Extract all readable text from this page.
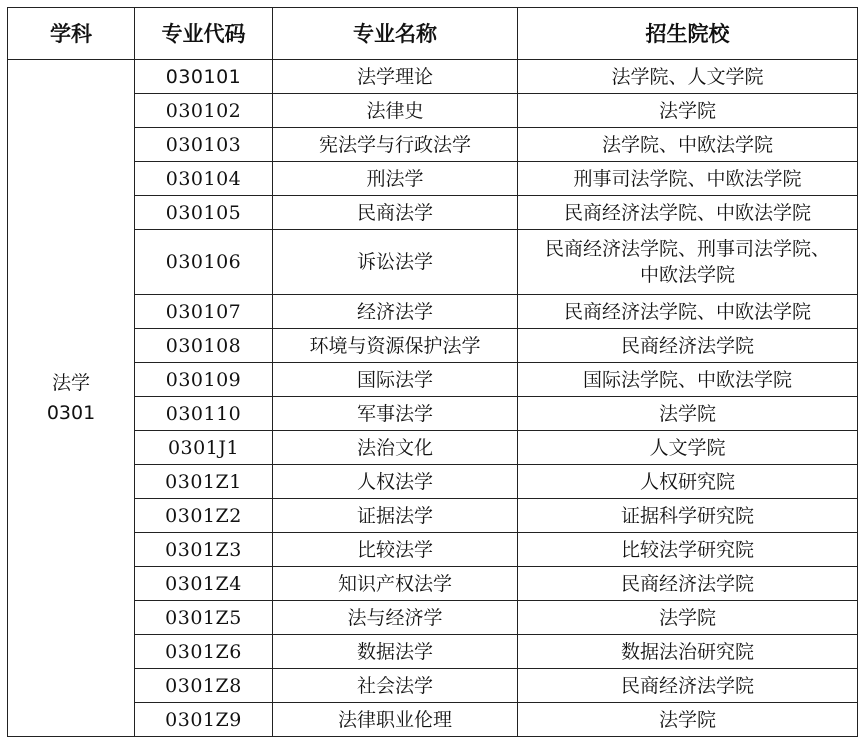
学科	专业代码	专业名称	招生院校

法学
0301	030101	法学理论	法学院、人文学院
	030102	法律史	法学院
	030103	宪法学与行政法学	法学院、中欧法学院
	030104	刑法学	刑事司法学院、中欧法学院
	030105	民商法学	民商经济法学院、中欧法学院
	030106	诉讼法学	民商经济法学院、刑事司法学院、
中欧法学院

	030107	经济法学	民商经济法学院、中欧法学院
	030108	环境与资源保护法学	民商经济法学院
	030109	国际法学	国际法学院、中欧法学院
	030110	军事法学	法学院
	0301J1	法治文化	人文学院
	0301Z1	人权法学	人权研究院
	0301Z2	证据法学	证据科学研究院
	0301Z3	比较法学	比较法学研究院
	0301Z4	知识产权法学	民商经济法学院
	0301Z5	法与经济学	法学院
	0301Z6	数据法学	数据法治研究院
	0301Z8	社会法学	民商经济法学院
	0301Z9	法律职业伦理	法学院
